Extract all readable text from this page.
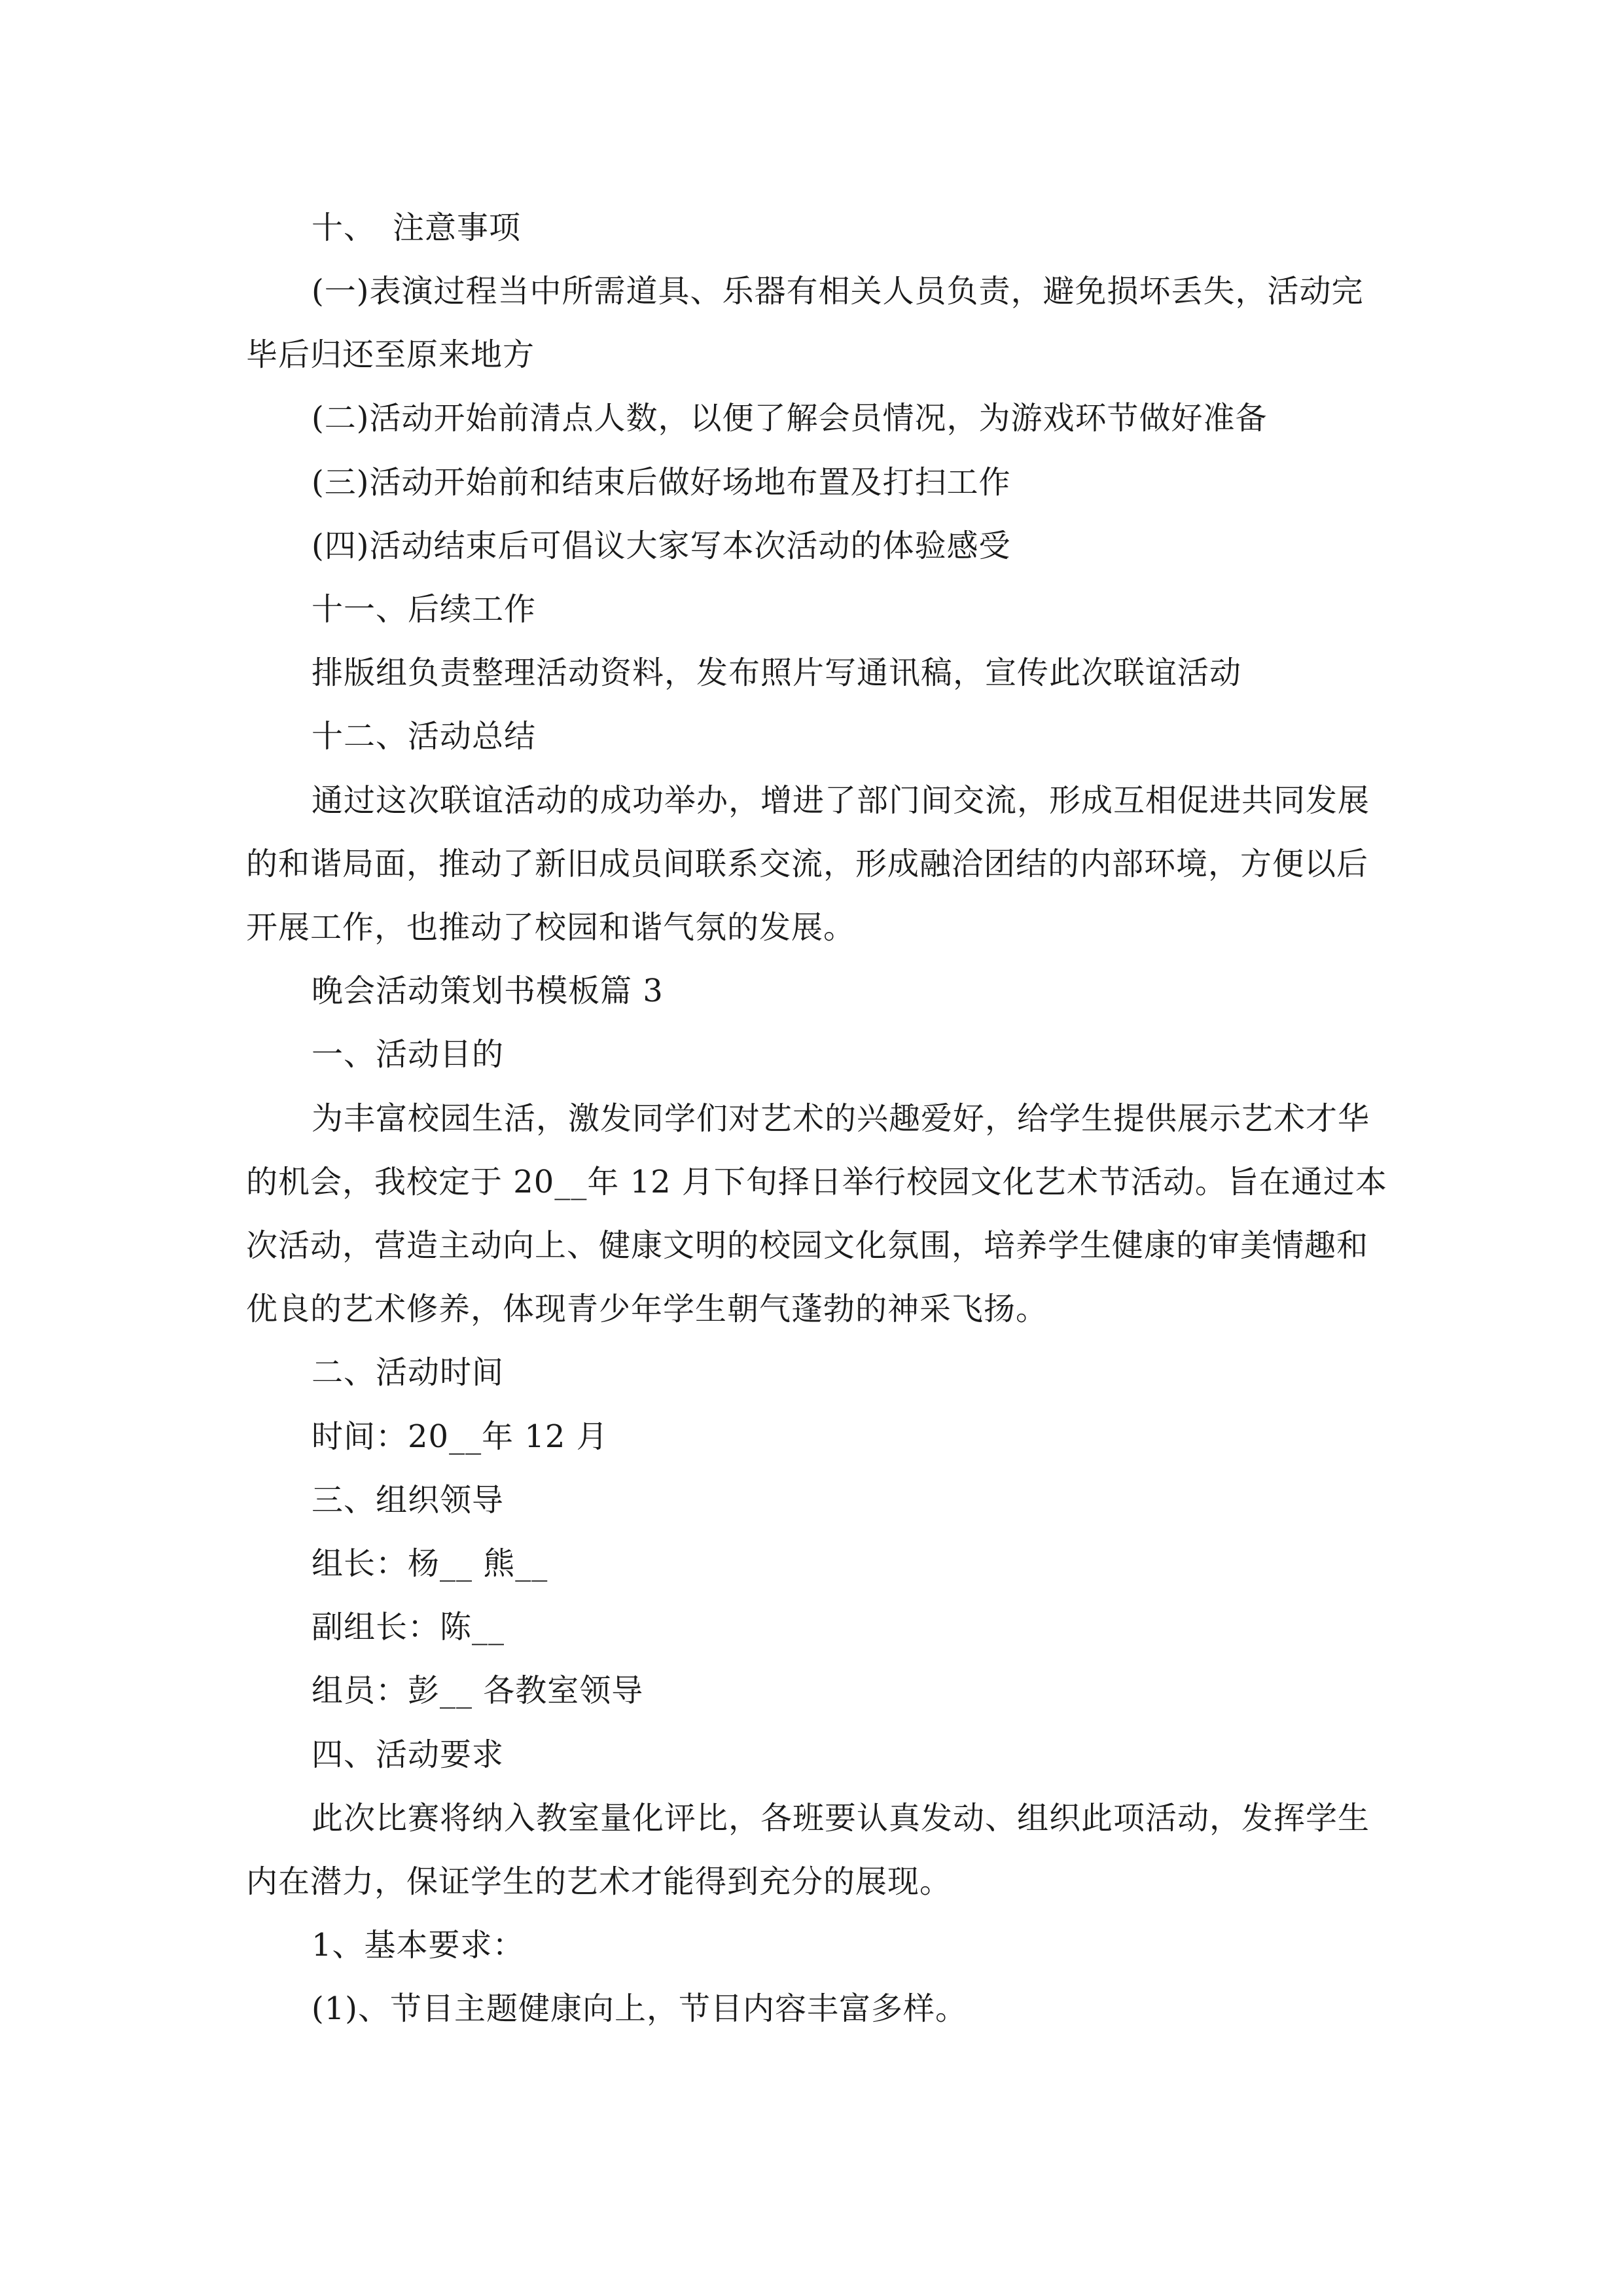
十、 注意事项
(一)表演过程当中所需道具、乐器有相关人员负责，避免损坏丢失，活动完
毕后归还至原来地方
(二)活动开始前清点人数，以便了解会员情况，为游戏环节做好准备
(三)活动开始前和结束后做好场地布置及打扫工作
(四)活动结束后可倡议大家写本次活动的体验感受
十一、后续工作
排版组负责整理活动资料，发布照片写通讯稿，宣传此次联谊活动
十二、活动总结
通过这次联谊活动的成功举办，增进了部门间交流，形成互相促进共同发展
的和谐局面，推动了新旧成员间联系交流，形成融洽团结的内部环境，方便以后
开展工作，也推动了校园和谐气氛的发展。
晚会活动策划书模板篇 3
一、活动目的
为丰富校园生活，激发同学们对艺术的兴趣爱好，给学生提供展示艺术才华
的机会，我校定于 20__年 12 月下旬择日举行校园文化艺术节活动。旨在通过本
次活动，营造主动向上、健康文明的校园文化氛围，培养学生健康的审美情趣和
优良的艺术修养，体现青少年学生朝气蓬勃的神采飞扬。
二、活动时间
时间：20__年 12 月
三、组织领导
组长：杨__ 熊__
副组长：陈__
组员：彭__ 各教室领导
四、活动要求
此次比赛将纳入教室量化评比，各班要认真发动、组织此项活动，发挥学生
内在潜力，保证学生的艺术才能得到充分的展现。
1、基本要求：
(1)、节目主题健康向上，节目内容丰富多样。
